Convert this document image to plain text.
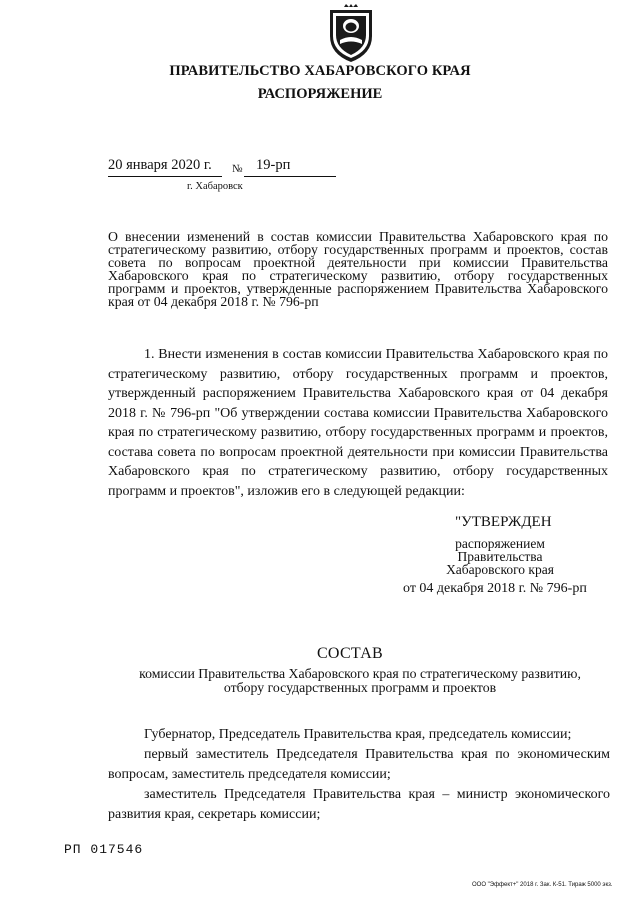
ПРАВИТЕЛЬСТВО ХАБАРОВСКОГО КРАЯ
РАСПОРЯЖЕНИЕ
20 января 2020 г. № 19-рп
г. Хабаровск
О внесении изменений в состав комиссии Правительства Хабаровского края по стратегическому развитию, отбору государственных программ и проектов, состав совета по вопросам проектной деятельности при комиссии Правительства Хабаровского края по стратегическому развитию, отбору государственных программ и проектов, утвержденные распоряжением Правительства Хабаровского края от 04 декабря 2018 г. № 796-рп
1. Внести изменения в состав комиссии Правительства Хабаровского края по стратегическому развитию, отбору государственных программ и проектов, утвержденный распоряжением Правительства Хабаровского края от 04 декабря 2018 г. № 796-рп "Об утверждении состава комиссии Правительства Хабаровского края по стратегическому развитию, отбору государственных программ и проектов, состава совета по вопросам проектной деятельности при комиссии Правительства Хабаровского края по стратегическому развитию, отбору государственных программ и проектов", изложив его в следующей редакции:
"УТВЕРЖДЕН
распоряжением
Правительства
Хабаровского края
от 04 декабря 2018 г. № 796-рп
СОСТАВ
комиссии Правительства Хабаровского края по стратегическому развитию, отбору государственных программ и проектов

Губернатор, Председатель Правительства края, председатель комиссии;

первый заместитель Председателя Правительства края по экономическим вопросам, заместитель председателя комиссии;

заместитель Председателя Правительства края – министр экономического развития края, секретарь комиссии;

РП 017546
ООО "Эффект+" 2018 г. Зак. К-51. Тираж 5000 экз.
